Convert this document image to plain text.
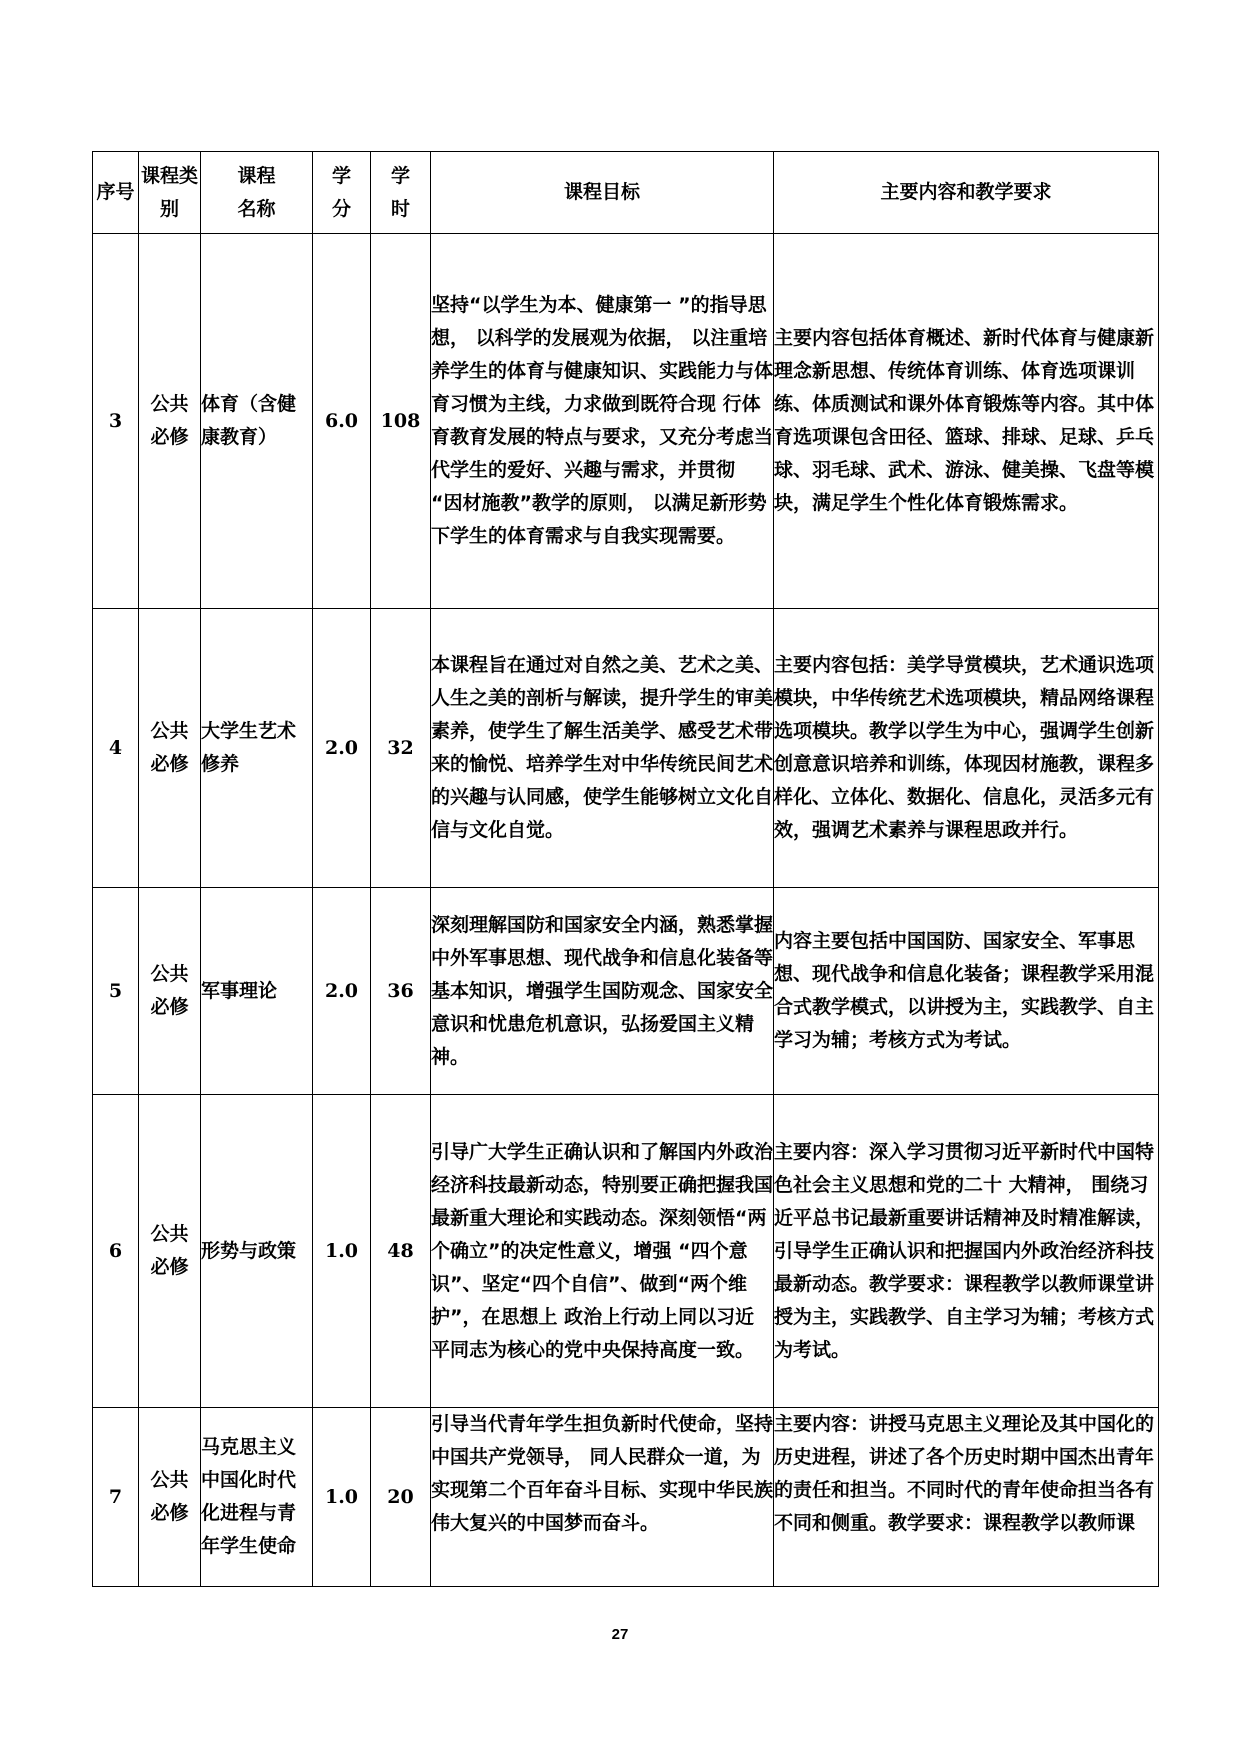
序号	课程类别	课程名称	学分	学时	课程目标	主要内容和教学要求
3	公共必修	体育（含健康教育）	6.0	108	坚持“以学生为本、健康第一 ”的指导思想， 以科学的发展观为依据， 以注重培养学生的体育与健康知识、实践能力与体育习惯为主线，力求做到既符合现 行体育教育发展的特点与要求，又充分考虑当代学生的爱好、兴趣与需求，并贯彻 “因材施教”教学的原则， 以满足新形势下学生的体育需求与自我实现需要。	主要内容包括体育概述、新时代体育与健康新理念新思想、传统体育训练、体育选项课训练、体质测试和课外体育锻炼等内容。其中体育选项课包含田径、篮球、排球、足球、乒乓球、羽毛球、武术、游泳、健美操、飞盘等模块，满足学生个性化体育锻炼需求。
4	公共必修	大学生艺术修养	2.0	32	本课程旨在通过对自然之美、艺术之美、人生之美的剖析与解读，提升学生的审美素养，使学生了解生活美学、感受艺术带来的愉悦、培养学生对中华传统民间艺术的兴趣与认同感，使学生能够树立文化自信与文化自觉。	主要内容包括：美学导赏模块，艺术通识选项模块，中华传统艺术选项模块，精品网络课程选项模块。教学以学生为中心，强调学生创新创意意识培养和训练，体现因材施教，课程多样化、立体化、数据化、信息化，灵活多元有效，强调艺术素养与课程思政并行。
5	公共必修	军事理论	2.0	36	深刻理解国防和国家安全内涵，熟悉掌握中外军事思想、现代战争和信息化装备等基本知识，增强学生国防观念、国家安全意识和忧患危机意识，弘扬爱国主义精神。	内容主要包括中国国防、国家安全、军事思想、现代战争和信息化装备；课程教学采用混合式教学模式，以讲授为主，实践教学、自主学习为辅；考核方式为考试。
6	公共必修	形势与政策	1.0	48	引导广大学生正确认识和了解国内外政治经济科技最新动态，特别要正确把握我国最新重大理论和实践动态。深刻领悟“两个确立”的决定性意义，增强 “四个意识”、坚定“四个自信”、做到“两个维护”，在思想上 政治上行动上同以习近平同志为核心的党中央保持高度一致。	主要内容：深入学习贯彻习近平新时代中国特色社会主义思想和党的二十 大精神， 围绕习近平总书记最新重要讲话精神及时精准解读，引导学生正确认识和把握国内外政治经济科技最新动态。教学要求：课程教学以教师课堂讲授为主，实践教学、自主学习为辅；考核方式为考试。
7	公共必修	马克思主义中国化时代化进程与青年学生使命	1.0	20	引导当代青年学生担负新时代使命，坚持中国共产党领导， 同人民群众一道，为实现第二个百年奋斗目标、实现中华民族伟大复兴的中国梦而奋斗。	主要内容：讲授马克思主义理论及其中国化的历史进程，讲述了各个历史时期中国杰出青年的责任和担当。不同时代的青年使命担当各有不同和侧重。教学要求：课程教学以教师课
27
